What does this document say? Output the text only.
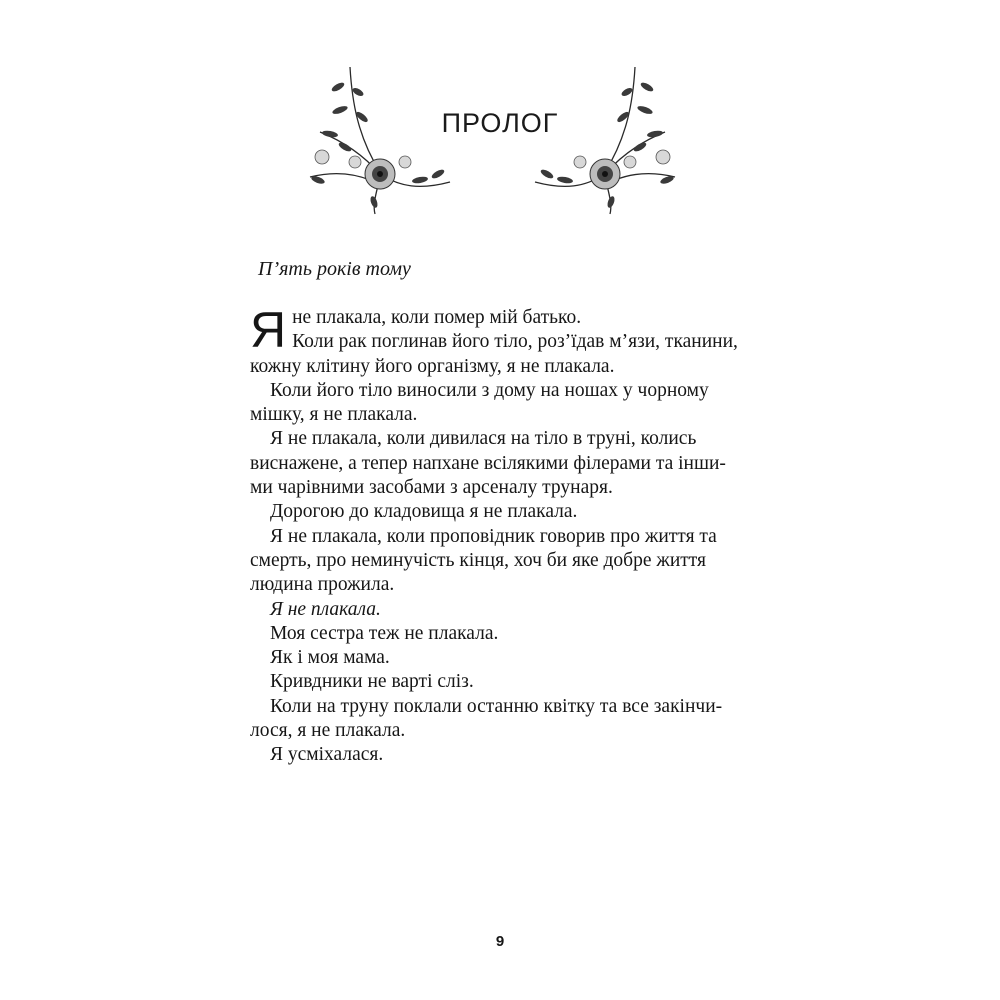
ПРОЛОГ

П’ять років тому

Яне плакала, коли помер мій батько.

Коли рак поглинав його тіло, роз’їдав м’язи, тканини,

кожну клітину його організму, я не плакала.

Коли його тіло виносили з дому на ношах у чорному

мішку, я не плакала.

Я не плакала, коли дивилася на тіло в труні, колись

виснажене, а тепер напхане всілякими філерами та інши-

ми чарівними засобами з арсеналу трунаря.

Дорогою до кладовища я не плакала.

Я не плакала, коли проповідник говорив про життя та

смерть, про неминучість кінця, хоч би яке добре життя

людина прожила.

Я не плакала.

Моя сестра теж не плакала.

Як і моя мама.

Кривдники не варті сліз.

Коли на труну поклали останню квітку та все закінчи-

лося, я не плакала.

Я усміхалася.

9
